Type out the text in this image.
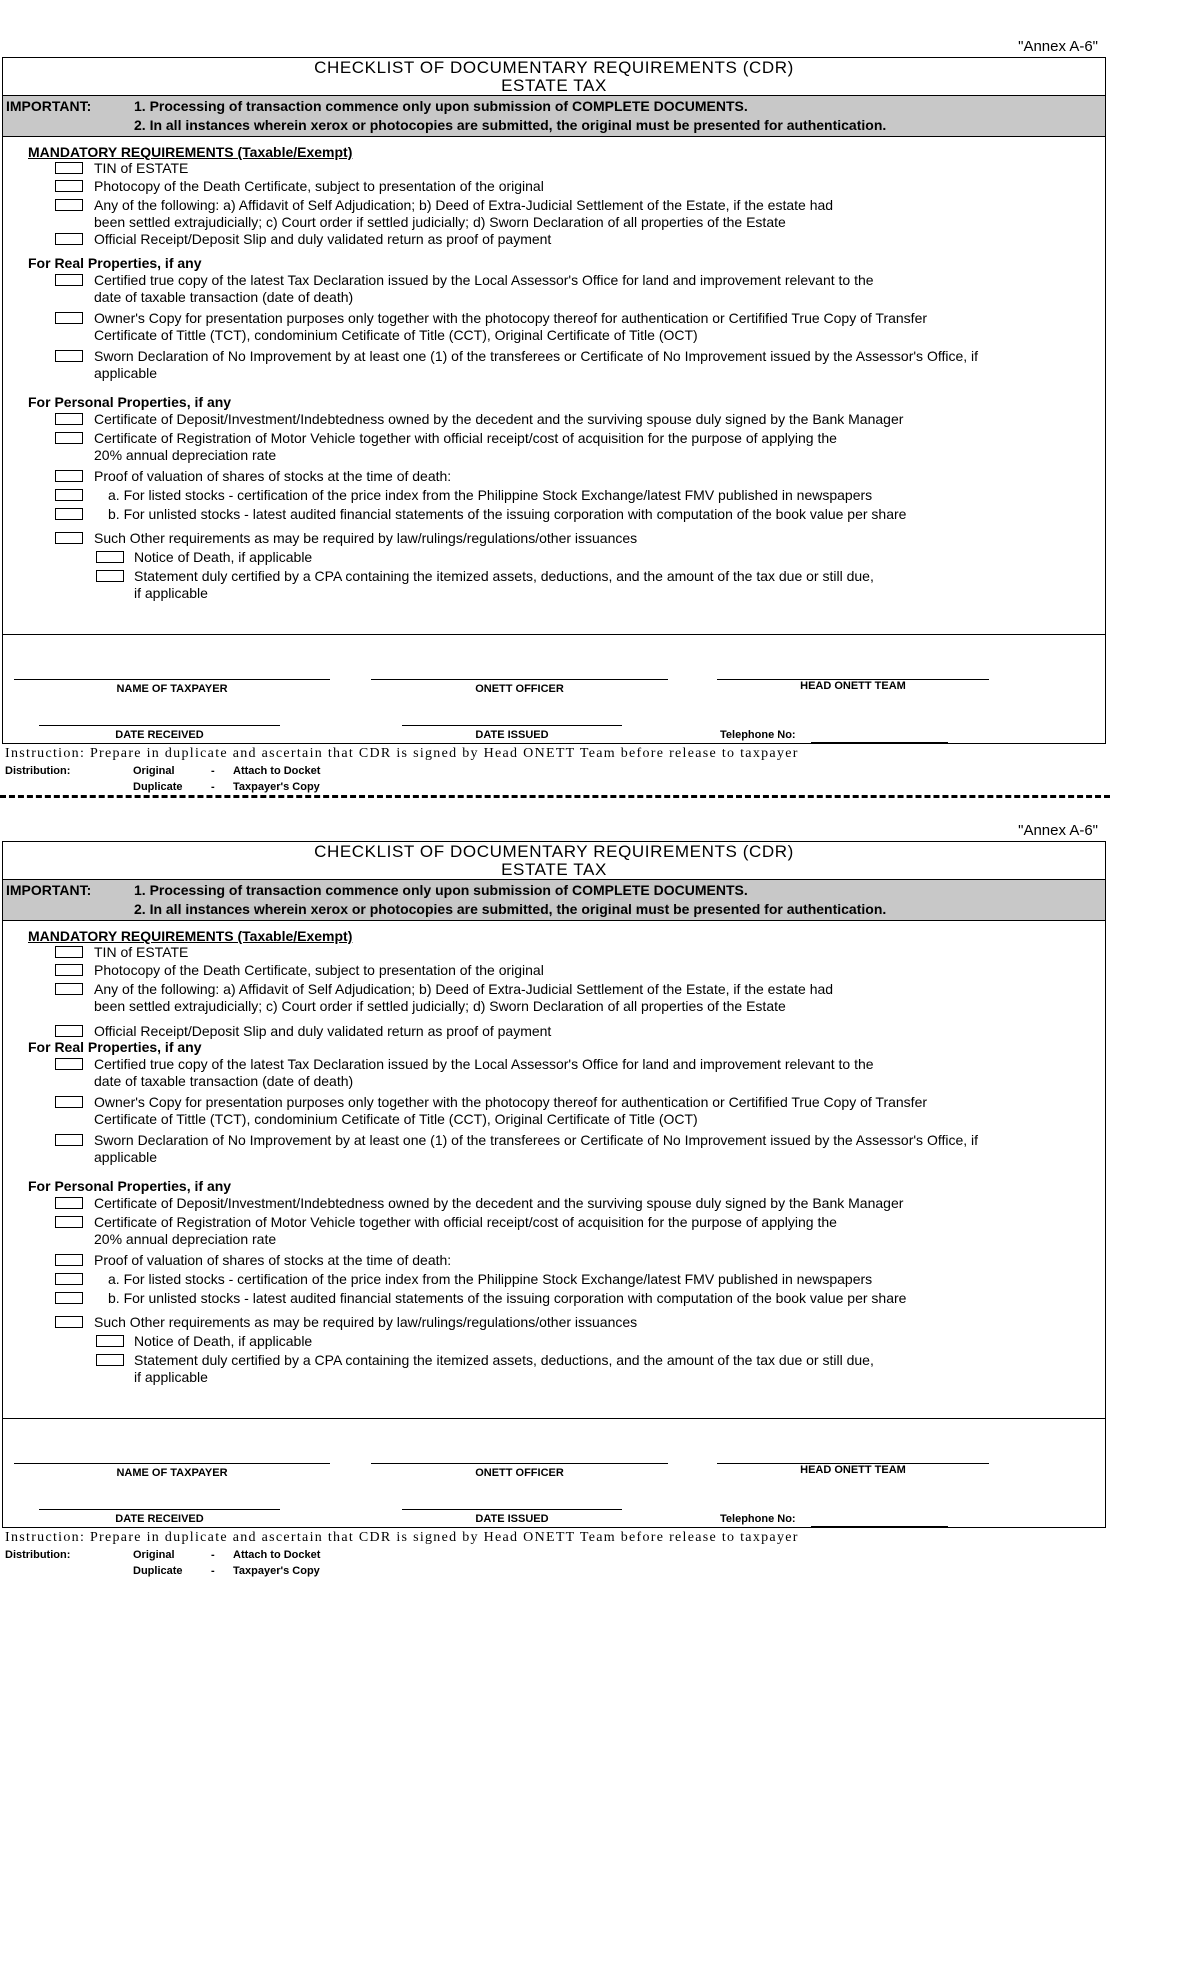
"Annex A-6"
CHECKLIST OF DOCUMENTARY REQUIREMENTS (CDR)
ESTATE TAX
IMPORTANT:	1. Processing of transaction commence only upon submission of COMPLETE DOCUMENTS.
2. In all instances wherein xerox or photocopies are submitted, the original must be presented for authentication.
MANDATORY REQUIREMENTS (Taxable/Exempt)
TIN of ESTATE
Photocopy of the Death Certificate, subject to presentation of the original
Any of the following: a) Affidavit of Self Adjudication; b) Deed of Extra-Judicial Settlement of the Estate, if the estate had
been settled extrajudicially; c) Court order if settled judicially; d) Sworn Declaration of all properties of the Estate
Official Receipt/Deposit Slip and duly validated return as proof of payment
For Real Properties, if any
Certified true copy of the latest Tax Declaration issued by the Local Assessor's Office for land and improvement relevant to the
date of taxable transaction (date of death)
Owner's Copy for presentation purposes only together with the photocopy thereof for authentication or Certifified True Copy of Transfer
Certificate of Tittle (TCT), condominium Cetificate of Title (CCT), Original Certificate of Title (OCT)
Sworn Declaration of No Improvement by at least one (1) of the transferees or Certificate of No Improvement issued by the Assessor's Office, if
applicable
For Personal Properties, if any
Certificate of Deposit/Investment/Indebtedness owned by the decedent and the surviving spouse duly signed by the Bank Manager
Certificate of Registration of Motor Vehicle together with official receipt/cost of acquisition for the purpose of applying the
20% annual depreciation rate
Proof of valuation of shares of stocks at the time of death:
a. For listed stocks - certification of the price index from the Philippine Stock Exchange/latest FMV published in newspapers
b. For unlisted stocks - latest audited financial statements of the issuing corporation with computation of the book value per share
Such Other requirements as may be required by law/rulings/regulations/other issuances
Notice of Death, if applicable
Statement duly certified by a CPA containing the itemized assets, deductions, and the amount of the tax due or still due,
if applicable
NAME OF TAXPAYER	ONETT OFFICER	HEAD ONETT TEAM
DATE RECEIVED	DATE ISSUED	Telephone No:
Instruction: Prepare in duplicate and ascertain that CDR is signed by Head ONETT Team before release to taxpayer
Distribution:	Original	- Attach to Docket
Duplicate	- Taxpayer's Copy
"Annex A-6"
CHECKLIST OF DOCUMENTARY REQUIREMENTS (CDR)
ESTATE TAX
IMPORTANT:	1. Processing of transaction commence only upon submission of COMPLETE DOCUMENTS.
2. In all instances wherein xerox or photocopies are submitted, the original must be presented for authentication.
MANDATORY REQUIREMENTS (Taxable/Exempt)
TIN of ESTATE
Photocopy of the Death Certificate, subject to presentation of the original
Any of the following: a) Affidavit of Self Adjudication; b) Deed of Extra-Judicial Settlement of the Estate, if the estate had
been settled extrajudicially; c) Court order if settled judicially; d) Sworn Declaration of all properties of the Estate
Official Receipt/Deposit Slip and duly validated return as proof of payment
For Real Properties, if any
Certified true copy of the latest Tax Declaration issued by the Local Assessor's Office for land and improvement relevant to the
date of taxable transaction (date of death)
Owner's Copy for presentation purposes only together with the photocopy thereof for authentication or Certifified True Copy of Transfer
Certificate of Tittle (TCT), condominium Cetificate of Title (CCT), Original Certificate of Title (OCT)
Sworn Declaration of No Improvement by at least one (1) of the transferees or Certificate of No Improvement issued by the Assessor's Office, if
applicable
For Personal Properties, if any
Certificate of Deposit/Investment/Indebtedness owned by the decedent and the surviving spouse duly signed by the Bank Manager
Certificate of Registration of Motor Vehicle together with official receipt/cost of acquisition for the purpose of applying the
20% annual depreciation rate
Proof of valuation of shares of stocks at the time of death:
a. For listed stocks - certification of the price index from the Philippine Stock Exchange/latest FMV published in newspapers
b. For unlisted stocks - latest audited financial statements of the issuing corporation with computation of the book value per share
Such Other requirements as may be required by law/rulings/regulations/other issuances
Notice of Death, if applicable
Statement duly certified by a CPA containing the itemized assets, deductions, and the amount of the tax due or still due,
if applicable
NAME OF TAXPAYER	ONETT OFFICER	HEAD ONETT TEAM
DATE RECEIVED	DATE ISSUED	Telephone No:
Instruction: Prepare in duplicate and ascertain that CDR is signed by Head ONETT Team before release to taxpayer
Distribution:	Original	- Attach to Docket
Duplicate	- Taxpayer's Copy
